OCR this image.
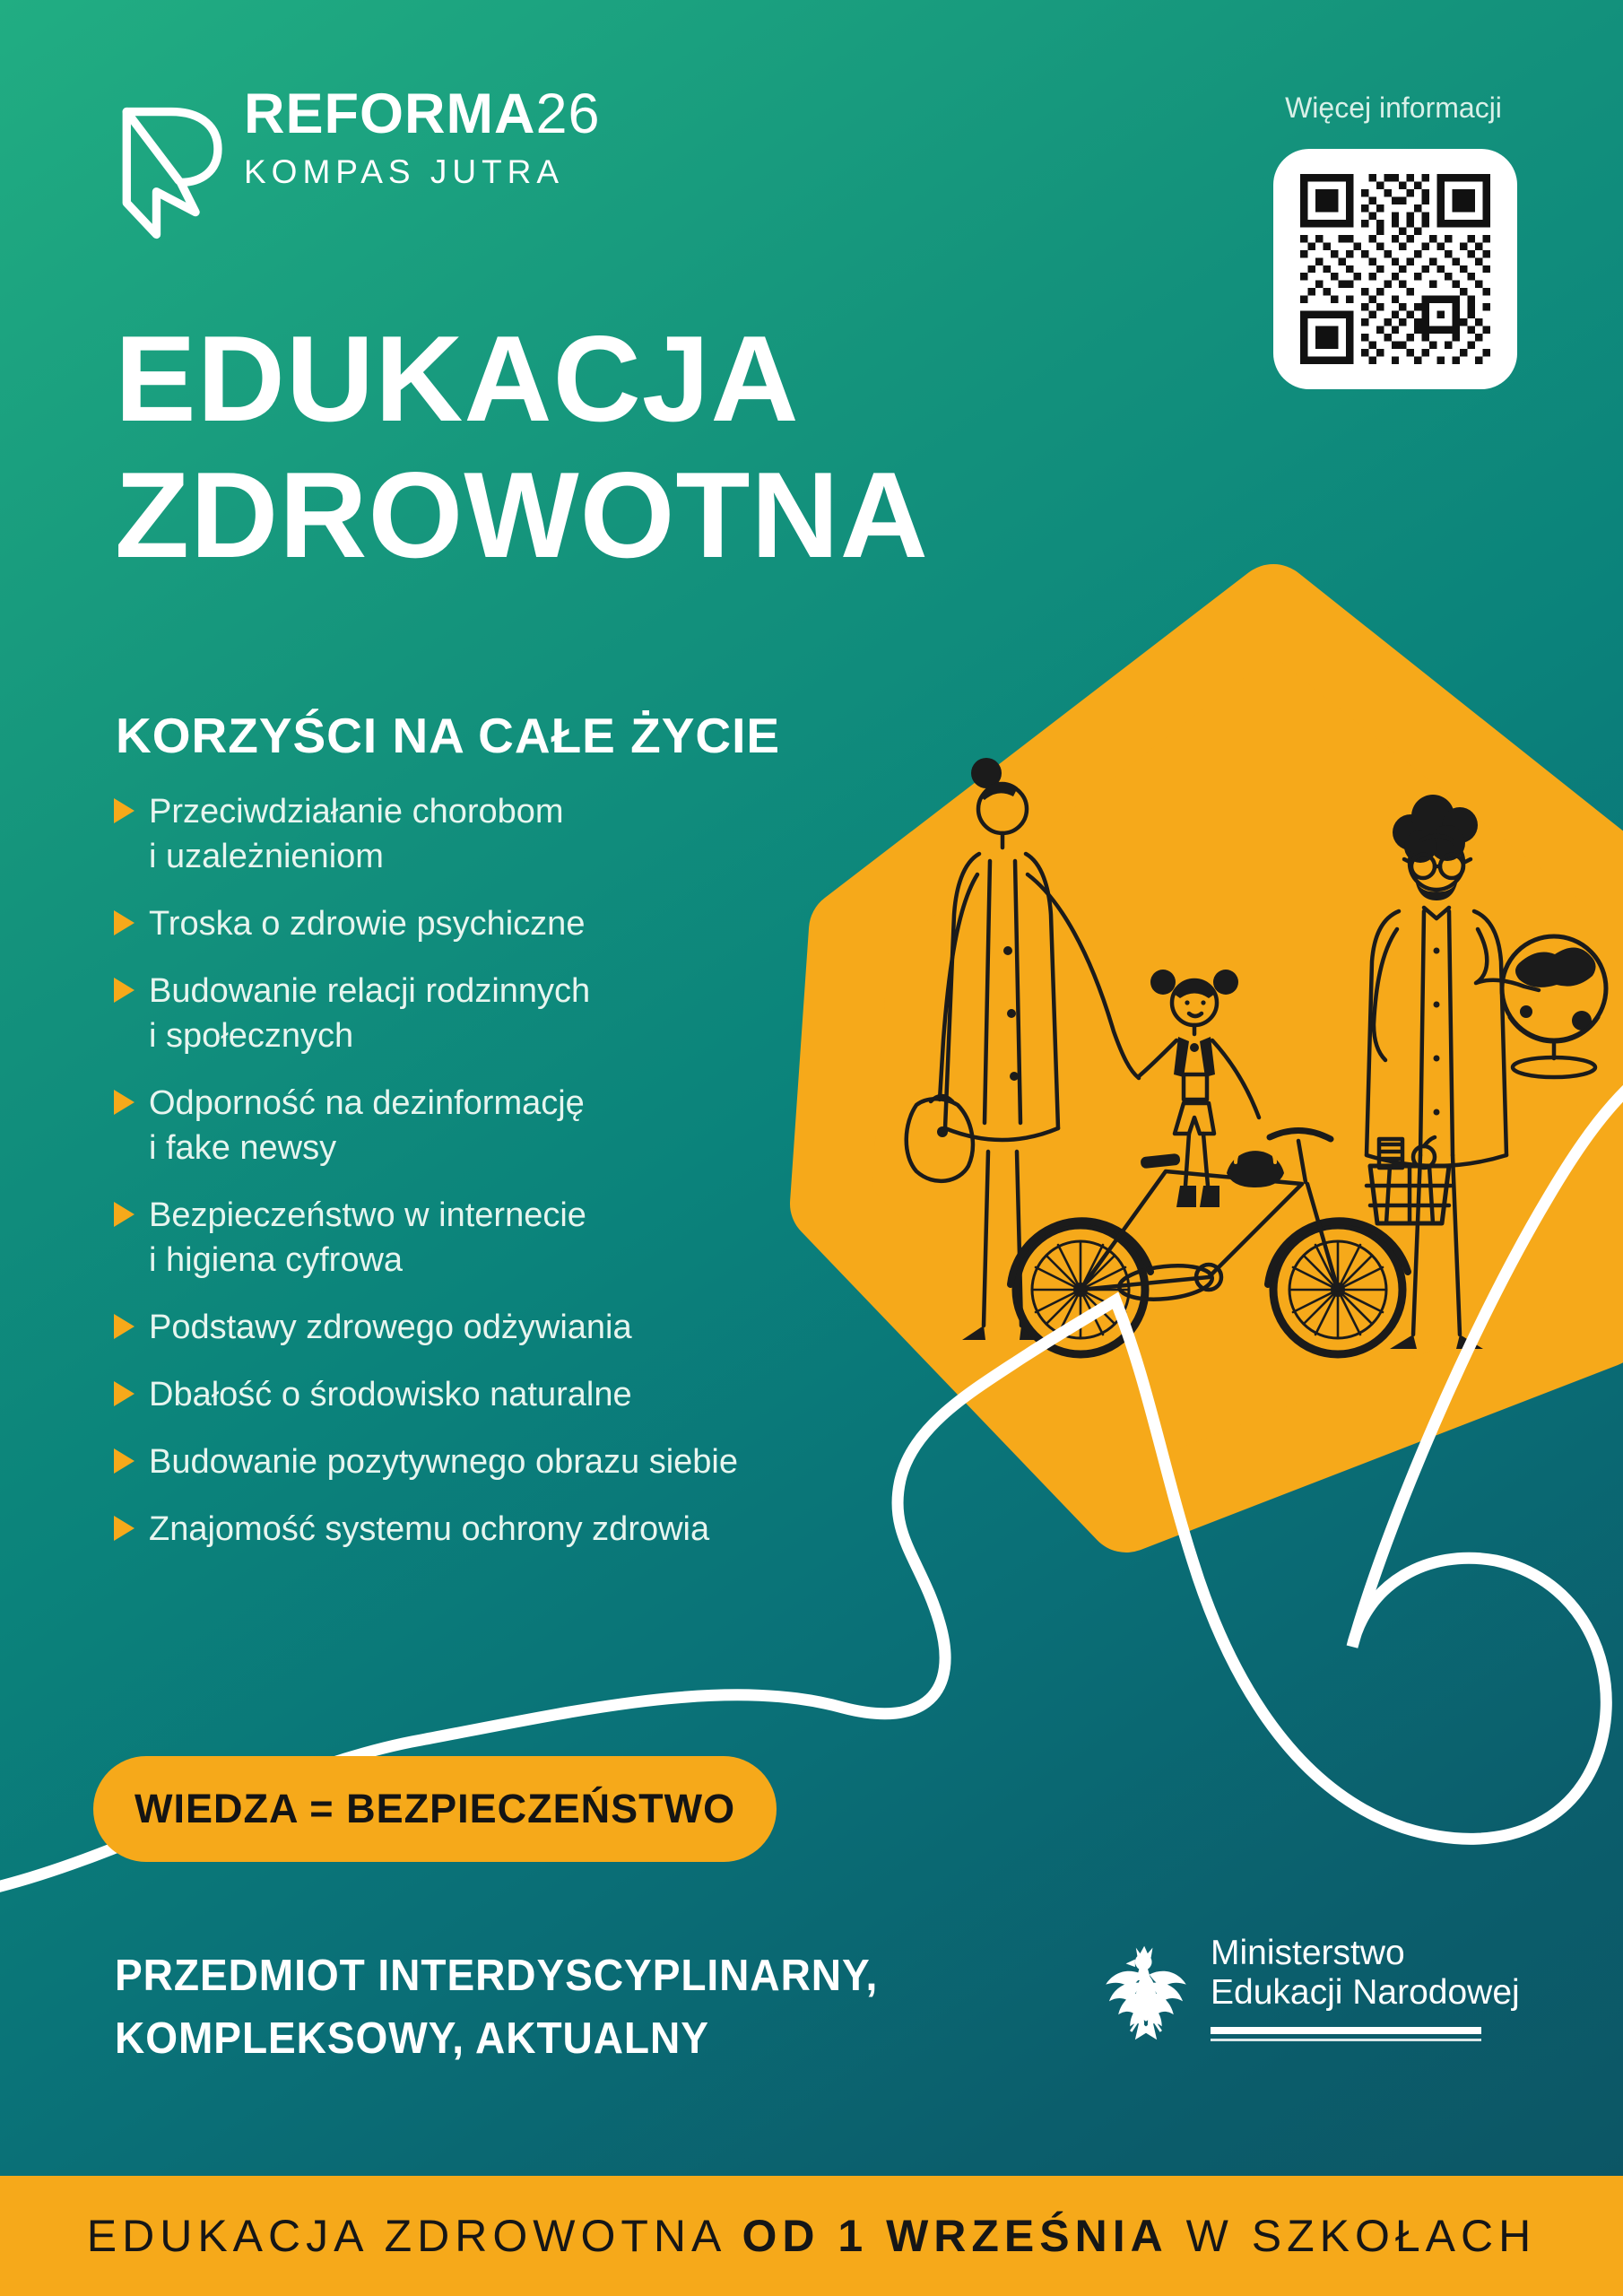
REFORMA26
KOMPAS JUTRA
Więcej informacji
EDUKACJA
ZDROWOTNA
KORZYŚCI NA CAŁE ŻYCIE
Przeciwdziałanie chorobom
i uzależnieniom
Troska o zdrowie psychiczne
Budowanie relacji rodzinnych
i społecznych
Odporność na dezinformację
i fake newsy
Bezpieczeństwo w internecie
i higiena cyfrowa
Podstawy zdrowego odżywiania
Dbałość o środowisko naturalne
Budowanie pozytywnego obrazu siebie
Znajomość systemu ochrony zdrowia
WIEDZA = BEZPIECZEŃSTWO
PRZEDMIOT INTERDYSCYPLINARNY,
KOMPLEKSOWY, AKTUALNY
Ministerstwo
Edukacji Narodowej
EDUKACJA ZDROWOTNA OD 1 WRZEŚNIA W SZKOŁACH
